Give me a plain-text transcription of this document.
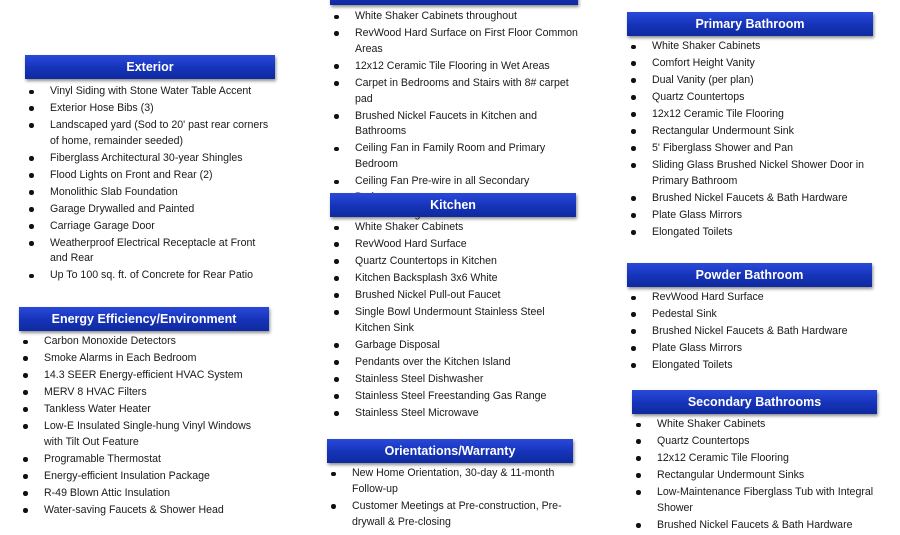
Exterior
Vinyl Siding with Stone Water Table Accent
Exterior Hose Bibs (3)
Landscaped yard (Sod to 20' past rear corners of home, remainder seeded)
Fiberglass Architectural 30-year Shingles
Flood Lights on Front and Rear (2)
Monolithic Slab Foundation
Garage Drywalled and Painted
Carriage Garage Door
Weatherproof Electrical Receptacle at Front and Rear
Up To 100 sq. ft. of Concrete for Rear Patio
Energy Efficiency/Environment
Carbon Monoxide Detectors
Smoke Alarms in Each Bedroom
14.3 SEER Energy-efficient HVAC System
MERV 8 HVAC Filters
Tankless Water Heater
Low-E Insulated Single-hung Vinyl Windows with Tilt Out Feature
Programable Thermostat
Energy-efficient Insulation Package
R-49 Blown Attic Insulation
Water-saving Faucets & Shower Head
White Shaker Cabinets throughout
RevWood Hard Surface on First Floor Common Areas
12x12 Ceramic Tile Flooring in Wet Areas
Carpet in Bedrooms and Stairs with 8# carpet pad
Brushed Nickel Faucets in Kitchen and Bathrooms
Ceiling Fan in Family Room and Primary Bedroom
Ceiling Fan Pre-wire in all Secondary
Kitchen
White Shaker Cabinets
RevWood Hard Surface
Quartz Countertops in Kitchen
Kitchen Backsplash 3x6 White
Brushed Nickel Pull-out Faucet
Single Bowl Undermount Stainless Steel Kitchen Sink
Garbage Disposal
Pendants over the Kitchen Island
Stainless Steel Dishwasher
Stainless Steel Freestanding Gas Range
Stainless Steel Microwave
Orientations/Warranty
New Home Orientation, 30-day & 11-month Follow-up
Customer Meetings at Pre-construction, Pre-drywall & Pre-closing
Primary Bathroom
White Shaker Cabinets
Comfort Height Vanity
Dual Vanity (per plan)
Quartz Countertops
12x12 Ceramic Tile Flooring
Rectangular Undermount Sink
5' Fiberglass Shower and Pan
Sliding Glass Brushed Nickel Shower Door in Primary Bathroom
Brushed Nickel Faucets & Bath Hardware
Plate Glass Mirrors
Elongated Toilets
Powder Bathroom
RevWood Hard Surface
Pedestal Sink
Brushed Nickel Faucets & Bath Hardware
Plate Glass Mirrors
Elongated Toilets
Secondary Bathrooms
White Shaker Cabinets
Quartz Countertops
12x12 Ceramic Tile Flooring
Rectangular Undermount Sinks
Low-Maintenance Fiberglass Tub with Integral Shower
Brushed Nickel Faucets & Bath Hardware
